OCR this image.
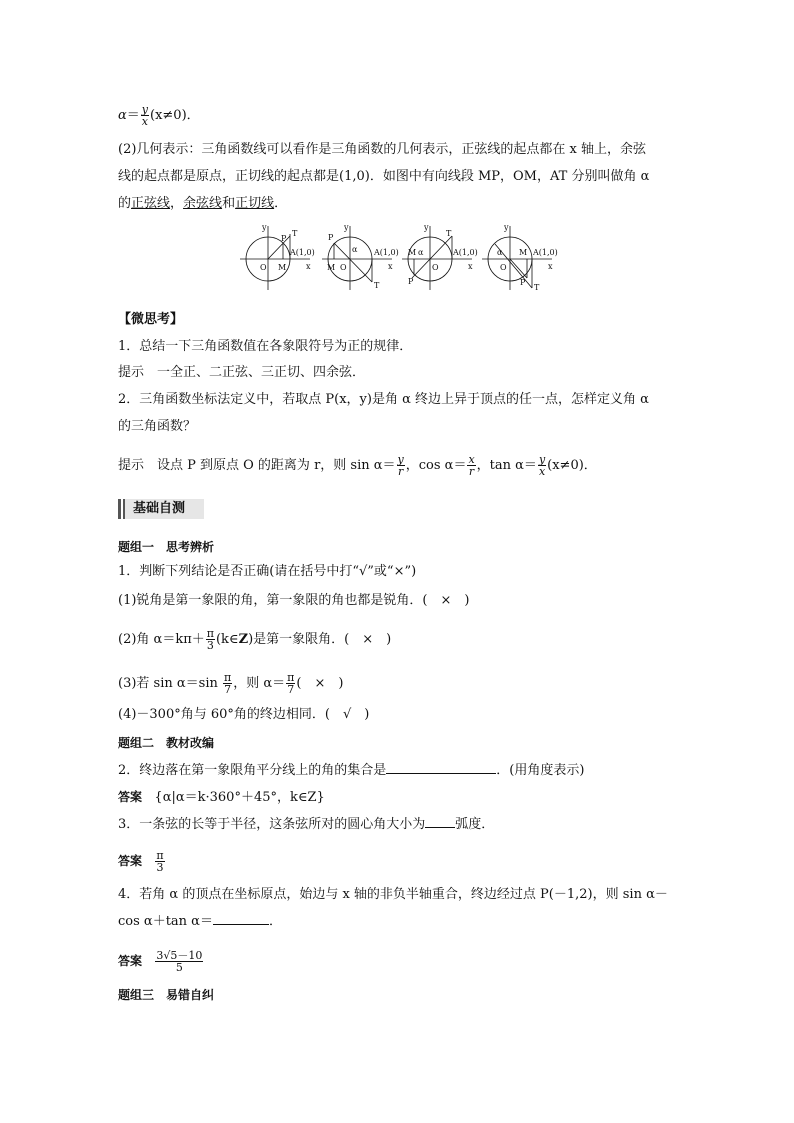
$\alpha= \frac{y}{x} (x\ne 0)$．
(2)几何表示：三角函数线可以看作是三角函数的几何表示，正弦线的起点都在 x 轴上，余弦
线的起点都是原点，正切线的起点都是(1,0)．如图中有向线段 MP，OM，AT 分别叫做角 α
的正弦线，余弦线和正切线．
y
x
O M
P
T
A(1,0)
y
x
M O
α
P
T
A(1,0)
y
x
M α
O
P
T
A(1,0)
y
x
α
O
M
P
T
A(1,0)
【微思考】
1．总结一下三角函数值在各象限符号为正的规律．
提示　一全正、二正弦、三正切、四余弦．
2．三角函数坐标法定义中，若取点 P(x，y)是角 α 终边上异于顶点的任一点，怎样定义角 α
的三角函数？
提示　设点 P 到原点 O 的距离为 r，则 $\sin \alpha= \frac{y}{r}$ ，$\cos \alpha= \frac{x}{r}$ ，$\tan \alpha= \frac{y}{x} (x\ne 0)$．
基础自测
题组一　思考辨析
1．判断下列结论是否正确(请在括号中打“√”或“×”)
(1)锐角是第一象限的角，第一象限的角也都是锐角．(　×　)
(2)角 $\alpha=k\pi+ \frac{\pi}{3}$ (k∈Z)是第一象限角．(　×　)
(3)若 $\sin \alpha=\sin \frac{\pi}{7}$ ，则 $\alpha= \frac{\pi}{7}$ (　×　)
(4)－300°角与 60°角的终边相同．(　√　)
题组二　教材改编
2．终边落在第一象限角平分线上的角的集合是	．(用角度表示)
答案 {α|α＝k·360°＋45°，k∈Z}
3．一条弦的长等于半径，这条弦所对的圆心角大小为 弧度．
答案 $\frac{\pi}{3}$
4．若角 α 的顶点在坐标原点，始边与 x 轴的非负半轴重合，终边经过点 P(－1,2)，则 sin α－
cos α＋tan α＝	．
答案 $\frac{3√5-10}{5}$
题组三　易错自纠
